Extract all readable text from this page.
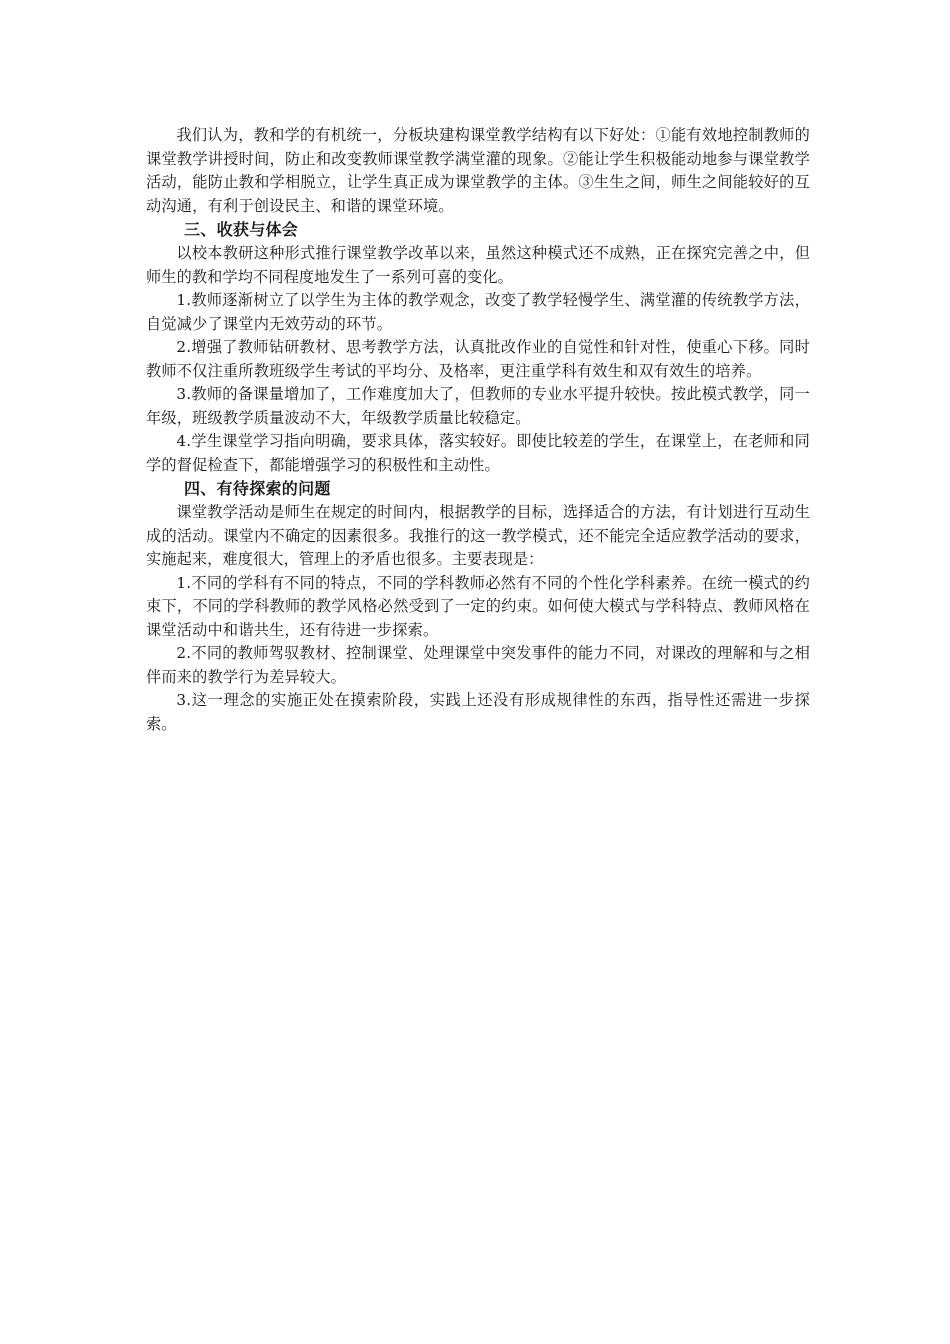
我们认为，教和学的有机统一，分板块建构课堂教学结构有以下好处：①能有效地控制教师的课堂教学讲授时间，防止和改变教师课堂教学满堂灌的现象。②能让学生积极能动地参与课堂教学活动，能防止教和学相脱立，让学生真正成为课堂教学的主体。③生生之间，师生之间能较好的互动沟通，有利于创设民主、和谐的课堂环境。

三、收获与体会

以校本教研这种形式推行课堂教学改革以来，虽然这种模式还不成熟，正在探究完善之中，但师生的教和学均不同程度地发生了一系列可喜的变化。

1.教师逐渐树立了以学生为主体的教学观念，改变了教学轻慢学生、满堂灌的传统教学方法，自觉减少了课堂内无效劳动的环节。

2.增强了教师钻研教材、思考教学方法，认真批改作业的自觉性和针对性，使重心下移。同时教师不仅注重所教班级学生考试的平均分、及格率，更注重学科有效生和双有效生的培养。

3.教师的备课量增加了，工作难度加大了，但教师的专业水平提升较快。按此模式教学，同一年级，班级教学质量波动不大，年级教学质量比较稳定。

4.学生课堂学习指向明确，要求具体，落实较好。即使比较差的学生，在课堂上，在老师和同学的督促检查下，都能增强学习的积极性和主动性。

四、有待探索的问题

课堂教学活动是师生在规定的时间内，根据教学的目标，选择适合的方法，有计划进行互动生成的活动。课堂内不确定的因素很多。我推行的这一教学模式，还不能完全适应教学活动的要求，实施起来，难度很大，管理上的矛盾也很多。主要表现是：

1.不同的学科有不同的特点，不同的学科教师必然有不同的个性化学科素养。在统一模式的约束下，不同的学科教师的教学风格必然受到了一定的约束。如何使大模式与学科特点、教师风格在课堂活动中和谐共生，还有待进一步探索。

2.不同的教师驾驭教材、控制课堂、处理课堂中突发事件的能力不同，对课改的理解和与之相伴而来的教学行为差异较大。

3.这一理念的实施正处在摸索阶段，实践上还没有形成规律性的东西，指导性还需进一步探索。
